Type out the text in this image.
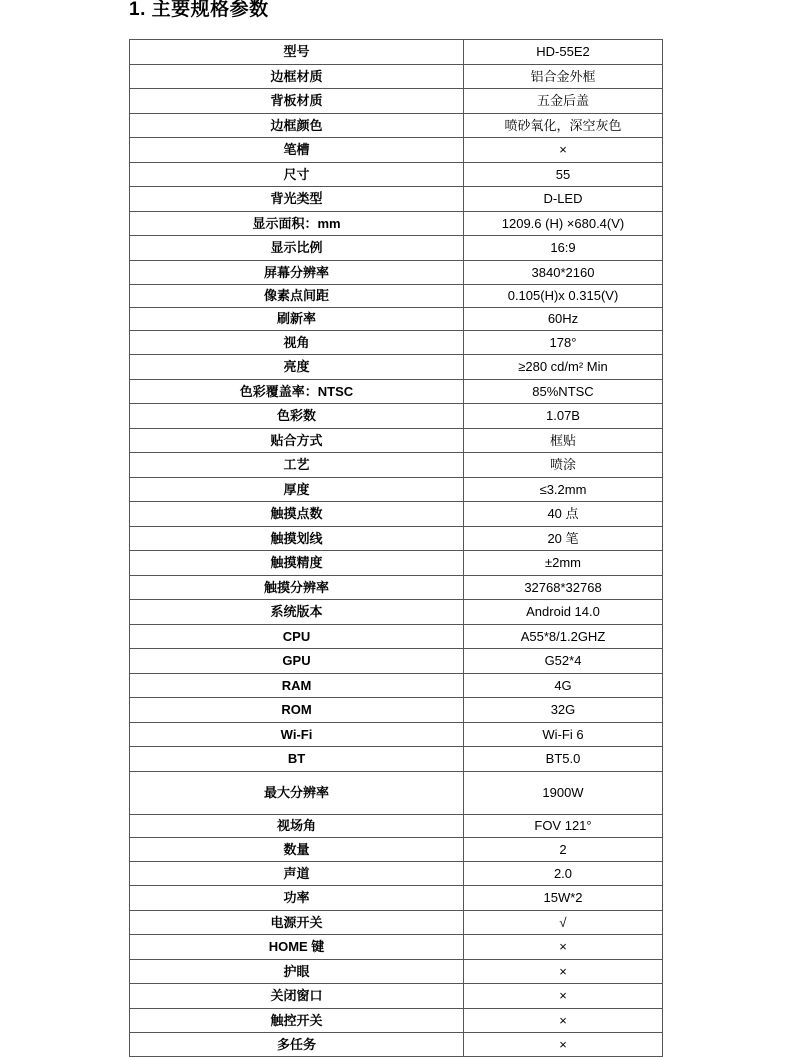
1. 主要规格参数
型号	HD-55E2
边框材质	铝合金外框
背板材质	五金后盖
边框颜色	喷砂氧化，深空灰色
笔槽	×
尺寸	55
背光类型	D-LED
显示面积：mm	1209.6 (H) ×680.4(V)
显示比例	16:9
屏幕分辨率	3840*2160
像素点间距	0.105(H)x 0.315(V)
刷新率	60Hz
视角	178°
亮度	≥280 cd/m² Min
色彩覆盖率：NTSC	85%NTSC
色彩数	1.07B
贴合方式	框贴
工艺	喷涂
厚度	≤3.2mm
触摸点数	40 点
触摸划线	20 笔
触摸精度	±2mm
触摸分辨率	32768*32768
系统版本	Android 14.0
CPU	A55*8/1.2GHZ
GPU	G52*4
RAM	4G
ROM	32G
Wi-Fi	Wi-Fi 6
BT	BT5.0
最大分辨率	1900W
视场角	FOV 121°
数量	2
声道	2.0
功率	15W*2
电源开关	√
HOME 键	×
护眼	×
关闭窗口	×
触控开关	×
多任务	×
